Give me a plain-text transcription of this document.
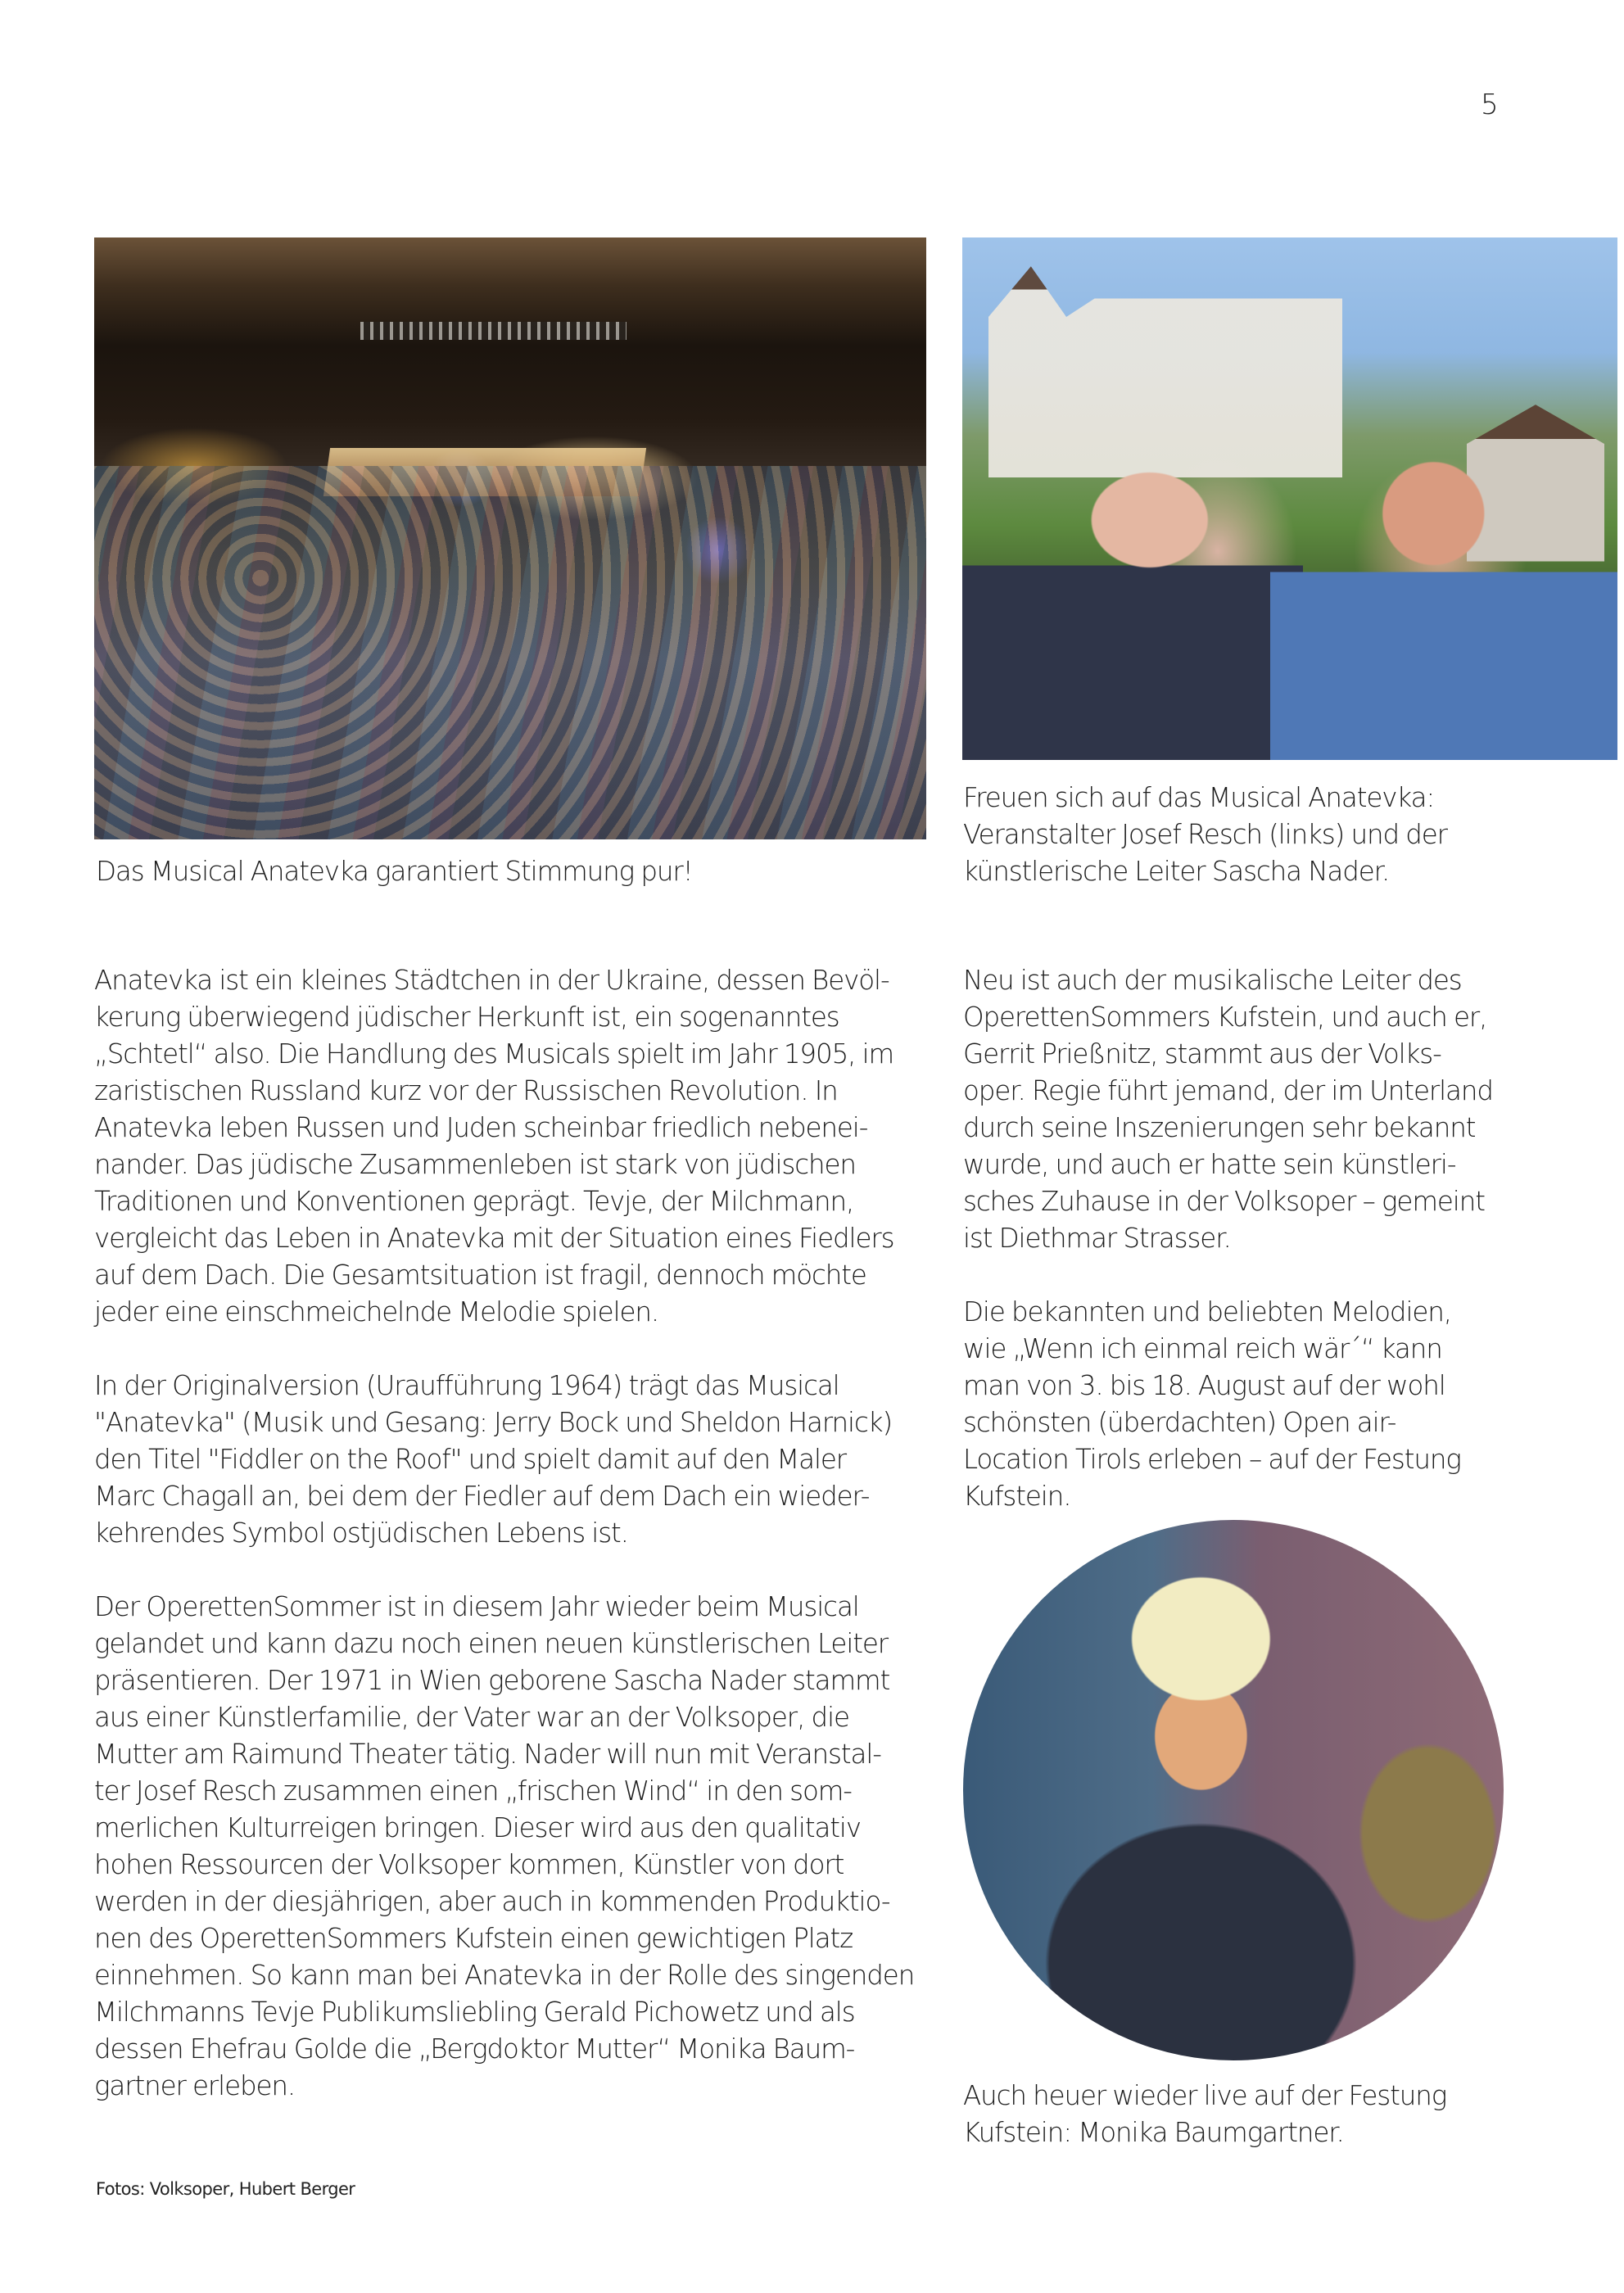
5

Das Musical Anatevka garantiert Stimmung pur!

Freuen sich auf das Musical Anatevka:

Veranstalter Josef Resch (links) und der

künstlerische Leiter Sascha Nader.

Anatevka ist ein kleines Städtchen in der Ukraine, dessen Bevöl-

kerung überwiegend jüdischer Herkunft ist, ein sogenanntes

„Schtetl“ also. Die Handlung des Musicals spielt im Jahr 1905, im

zaristischen Russland kurz vor der Russischen Revolution. In

Anatevka leben Russen und Juden scheinbar friedlich nebenei-

nander. Das jüdische Zusammenleben ist stark von jüdischen

Traditionen und Konventionen geprägt. Tevje, der Milchmann,

vergleicht das Leben in Anatevka mit der Situation eines Fiedlers

auf dem Dach. Die Gesamtsituation ist fragil, dennoch möchte

jeder eine einschmeichelnde Melodie spielen.

In der Originalversion (Uraufführung 1964) trägt das Musical

"Anatevka" (Musik und Gesang: Jerry Bock und Sheldon Harnick)

den Titel "Fiddler on the Roof" und spielt damit auf den Maler

Marc Chagall an, bei dem der Fiedler auf dem Dach ein wieder-

kehrendes Symbol ostjüdischen Lebens ist.

Der OperettenSommer ist in diesem Jahr wieder beim Musical

gelandet und kann dazu noch einen neuen künstlerischen Leiter

präsentieren. Der 1971 in Wien geborene Sascha Nader stammt

aus einer Künstlerfamilie, der Vater war an der Volksoper, die

Mutter am Raimund Theater tätig. Nader will nun mit Veranstal-

ter Josef Resch zusammen einen „frischen Wind“ in den som-

merlichen Kulturreigen bringen. Dieser wird aus den qualitativ

hohen Ressourcen der Volksoper kommen, Künstler von dort

werden in der diesjährigen, aber auch in kommenden Produktio-

nen des OperettenSommers Kufstein einen gewichtigen Platz

einnehmen. So kann man bei Anatevka in der Rolle des singenden

Milchmanns Tevje Publikumsliebling Gerald Pichowetz und als

dessen Ehefrau Golde die „Bergdoktor Mutter“ Monika Baum-

gartner erleben.

Neu ist auch der musikalische Leiter des

OperettenSommers Kufstein, und auch er,

Gerrit Prießnitz, stammt aus der Volks-

oper. Regie führt jemand, der im Unterland

durch seine Inszenierungen sehr bekannt

wurde, und auch er hatte sein künstleri-

sches Zuhause in der Volksoper – gemeint

ist Diethmar Strasser.

Die bekannten und beliebten Melodien,

wie „Wenn ich einmal reich wär´“ kann

man von 3. bis 18. August auf der wohl

schönsten (überdachten) Open air-

Location Tirols erleben – auf der Festung

Kufstein.

Auch heuer wieder live auf der Festung

Kufstein: Monika Baumgartner.

Fotos: Volksoper, Hubert Berger
